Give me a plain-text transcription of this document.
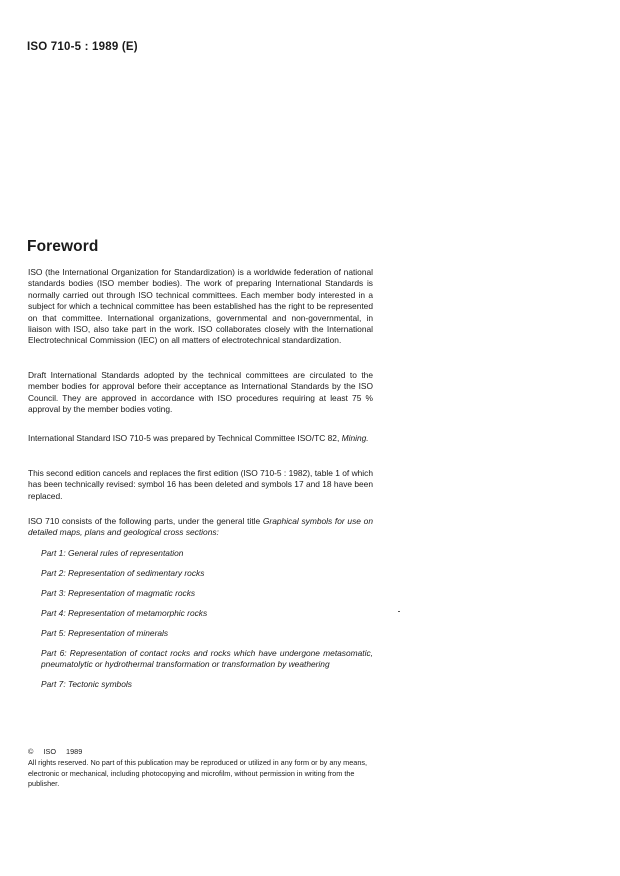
ISO 710-5 : 1989 (E)
Foreword
ISO (the International Organization for Standardization) is a worldwide federation of national standards bodies (ISO member bodies). The work of preparing International Standards is normally carried out through ISO technical committees. Each member body interested in a subject for which a technical committee has been established has the right to be represented on that committee. International organizations, governmental and non-governmental, in liaison with ISO, also take part in the work. ISO collaborates closely with the International Electrotechnical Commission (IEC) on all matters of electrotechnical standardization.
Draft International Standards adopted by the technical committees are circulated to the member bodies for approval before their acceptance as International Standards by the ISO Council. They are approved in accordance with ISO procedures requiring at least 75 % approval by the member bodies voting.
International Standard ISO 710-5 was prepared by Technical Committee ISO/TC 82, Mining.
This second edition cancels and replaces the first edition (ISO 710-5 : 1982), table 1 of which has been technically revised: symbol 16 has been deleted and symbols 17 and 18 have been replaced.
ISO 710 consists of the following parts, under the general title Graphical symbols for use on detailed maps, plans and geological cross sections:
Part 1: General rules of representation
Part 2: Representation of sedimentary rocks
Part 3: Representation of magmatic rocks
Part 4: Representation of metamorphic rocks
Part 5: Representation of minerals
Part 6: Representation of contact rocks and rocks which have undergone metasomatic, pneumatolytic or hydrothermal transformation or transformation by weathering
Part 7: Tectonic symbols
© ISO 1989
All rights reserved. No part of this publication may be reproduced or utilized in any form or by any means, electronic or mechanical, including photocopying and microfilm, without permission in writing from the publisher.
